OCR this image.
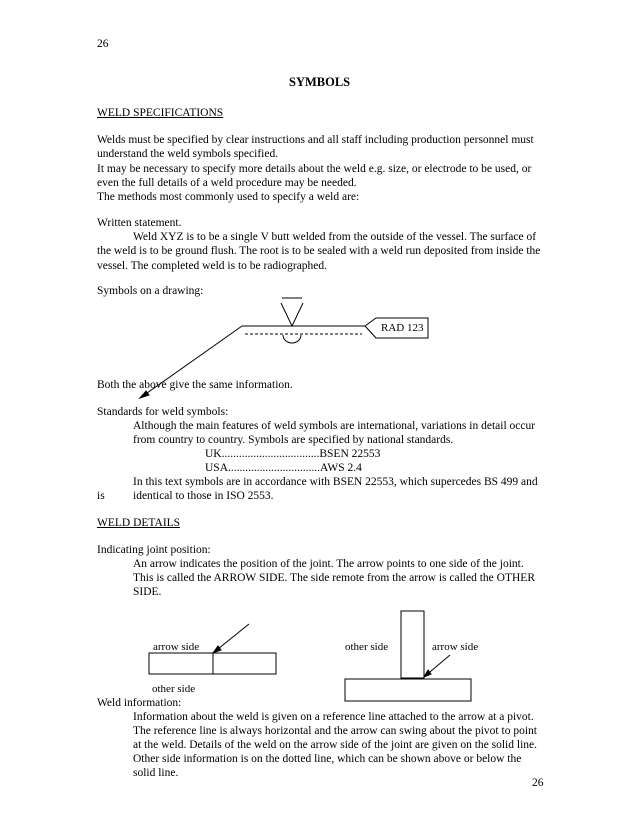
26
26
SYMBOLS
WELD SPECIFICATIONS
Welds must be specified by clear instructions and all staff including production personnel must
understand the weld symbols specified.
It may be necessary to specify more details about the weld e.g. size, or electrode to be used, or
even the full details of a weld procedure may be needed.
The methods most commonly used to specify a weld are:
Written statement.
Weld XYZ is to be a single V butt welded from the outside of the vessel. The surface of
the weld is to be ground flush. The root is to be sealed with a weld run deposited from inside the
vessel. The completed weld is to be radiographed.
Symbols on a drawing:
RAD 123
Both the above give the same information.
Standards for weld symbols:
Although the main features of weld symbols are international, variations in detail occur
from country to country. Symbols are specified by national standards.
UK..................................BSEN 22553
USA................................AWS 2.4
In this text symbols are in accordance with BSEN 22553, which supercedes BS 499 and
is identical to those in ISO 2553.
WELD DETAILS
Indicating joint position:
An arrow indicates the position of the joint. The arrow points to one side of the joint.
This is called the ARROW SIDE. The side remote from the arrow is called the OTHER
SIDE.
arrow side
other side
other side	arrow side
Weld information:
Information about the weld is given on a reference line attached to the arrow at a pivot.
The reference line is always horizontal and the arrow can swing about the pivot to point
at the weld. Details of the weld on the arrow side of the joint are given on the solid line.
Other side information is on the dotted line, which can be shown above or below the
solid line.
